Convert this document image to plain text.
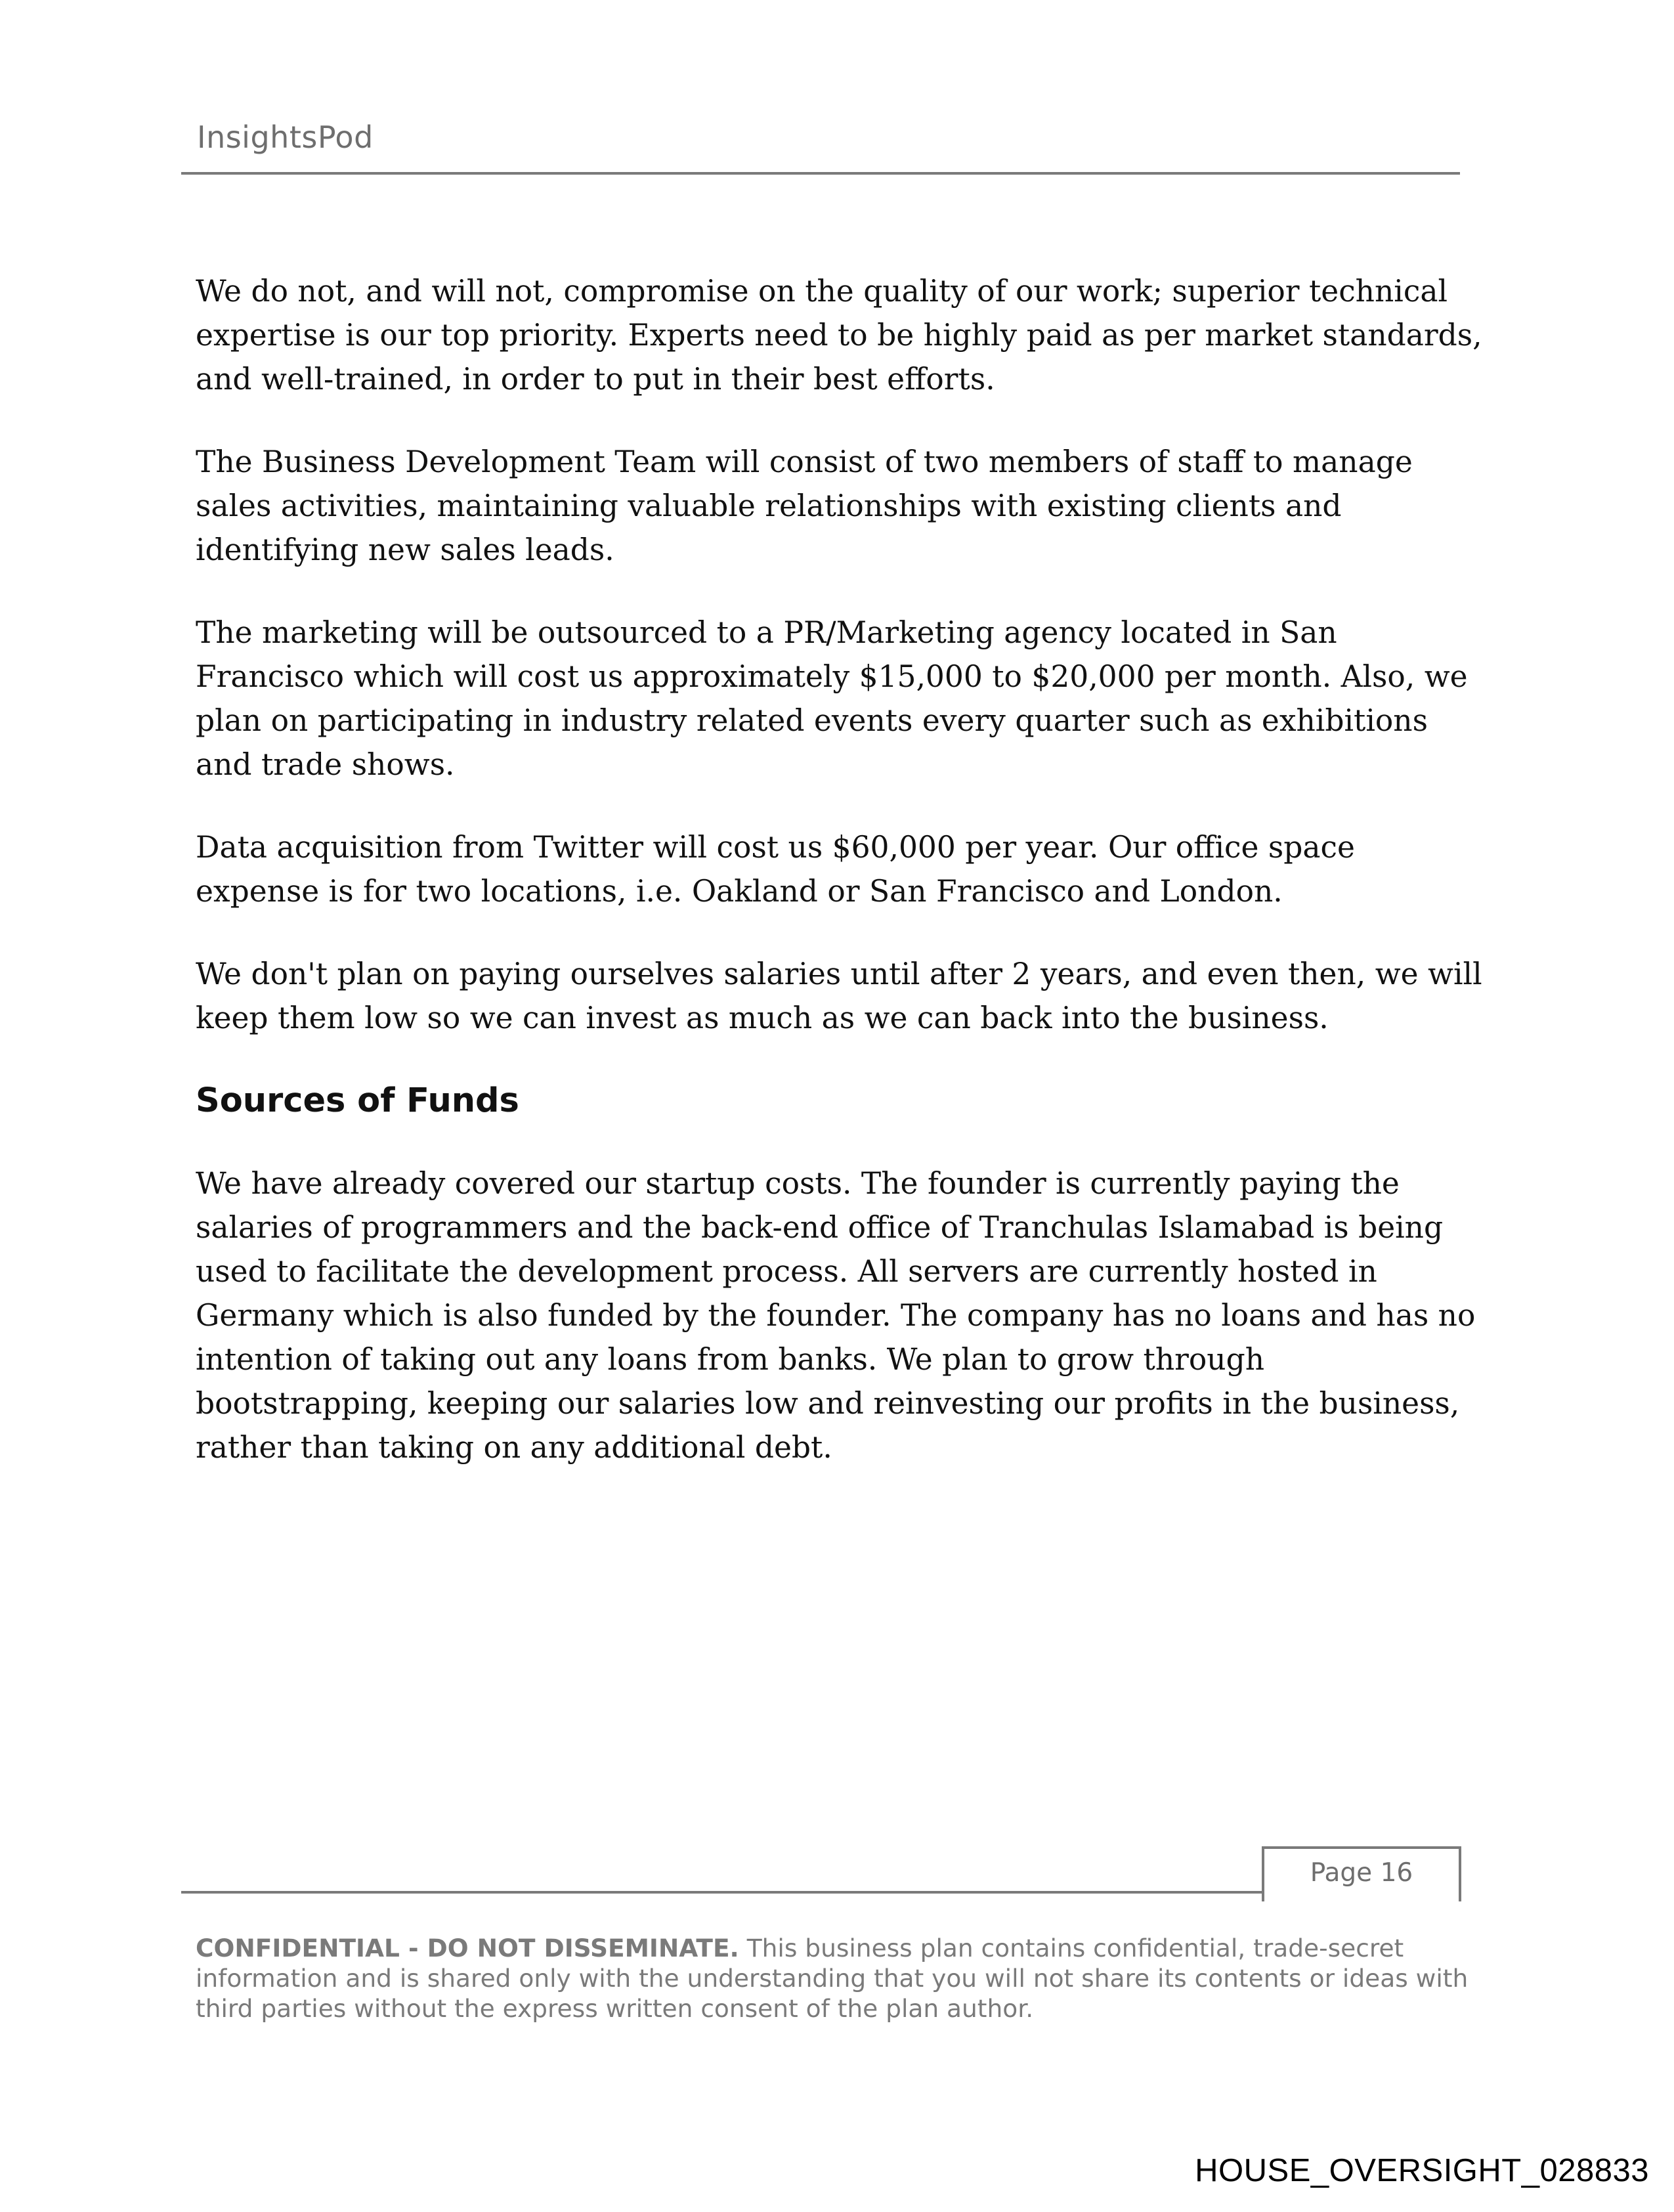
InsightsPod

We do not, and will not, compromise on the quality of our work; superior technical expertise is our top priority. Experts need to be highly paid as per market standards, and well-trained, in order to put in their best efforts.

The Business Development Team will consist of two members of staff to manage sales activities, maintaining valuable relationships with existing clients and identifying new sales leads.

The marketing will be outsourced to a PR/Marketing agency located in San Francisco which will cost us approximately $15,000 to $20,000 per month. Also, we plan on participating in industry related events every quarter such as exhibitions and trade shows.

Data acquisition from Twitter will cost us $60,000 per year. Our office space expense is for two locations, i.e. Oakland or San Francisco and London.

We don't plan on paying ourselves salaries until after 2 years, and even then, we will keep them low so we can invest as much as we can back into the business.

Sources of Funds

We have already covered our startup costs. The founder is currently paying the salaries of programmers and the back-end office of Tranchulas Islamabad is being used to facilitate the development process. All servers are currently hosted in Germany which is also funded by the founder. The company has no loans and has no intention of taking out any loans from banks. We plan to grow through bootstrapping, keeping our salaries low and reinvesting our profits in the business, rather than taking on any additional debt.

Page 16
CONFIDENTIAL - DO NOT DISSEMINATE. This business plan contains confidential, trade-secret information and is shared only with the understanding that you will not share its contents or ideas with third parties without the express written consent of the plan author.
HOUSE_OVERSIGHT_028833
